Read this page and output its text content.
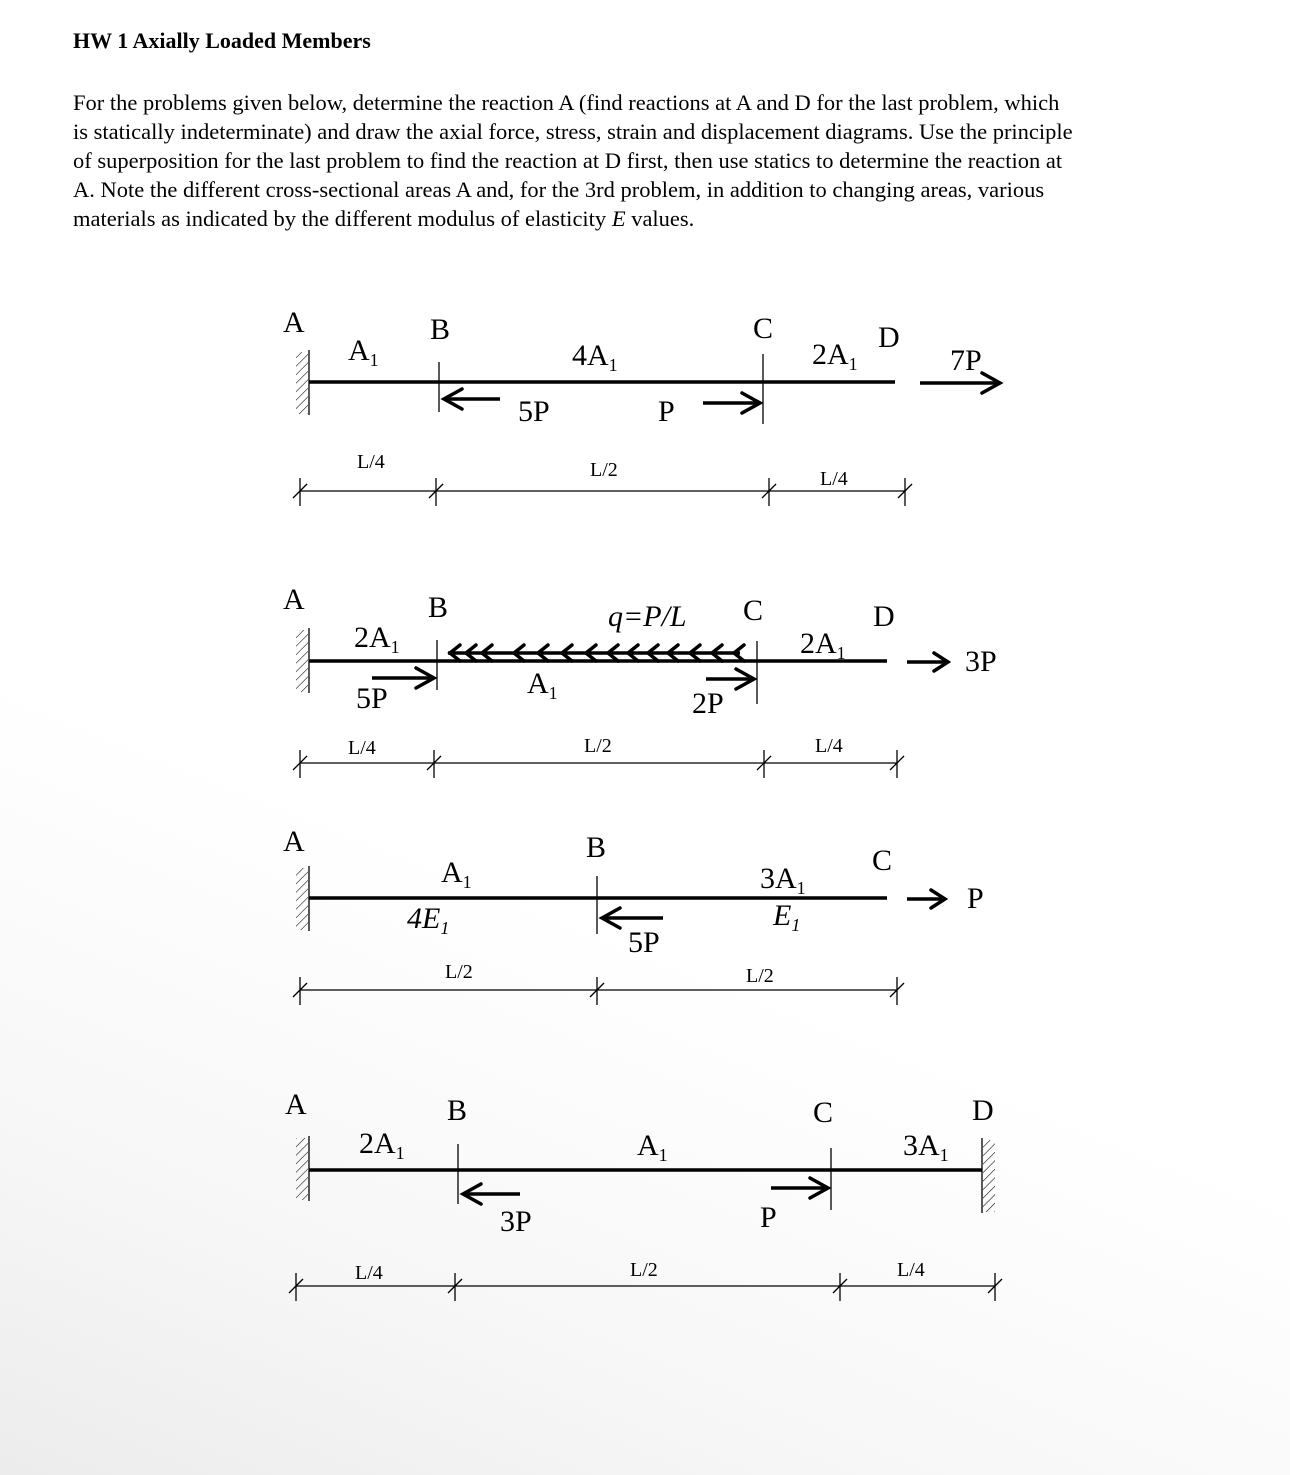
HW 1 Axially Loaded Members
For the problems given below, determine the reaction A (find reactions at A and D for the last problem, which
is statically indeterminate) and draw the axial force, stress, strain and displacement diagrams. Use the principle
of superposition for the last problem to find the reaction at D first, then use statics to determine the reaction at
A. Note the different cross-sectional areas A and, for the 3rd problem, in addition to changing areas, various
materials as indicated by the different modulus of elasticity E values.
A	B	C	D
$A_1$	$4A_1$	$2A_1$
5P	P
7P
L/4	L/2	L/4
A	B	C	D
$2A_1$
$A_1$
$2A_1$
q=P/L
5P	2P
3P
L/4	L/2	L/4
A	B	C
$A_1$	$3A_1$
$4E_1$	$E_1$
5P
P
L/2	L/2
A	B	C	D
$2A_1$	$A_1$	$3A_1$
3P	P
L/4	L/2	L/4
